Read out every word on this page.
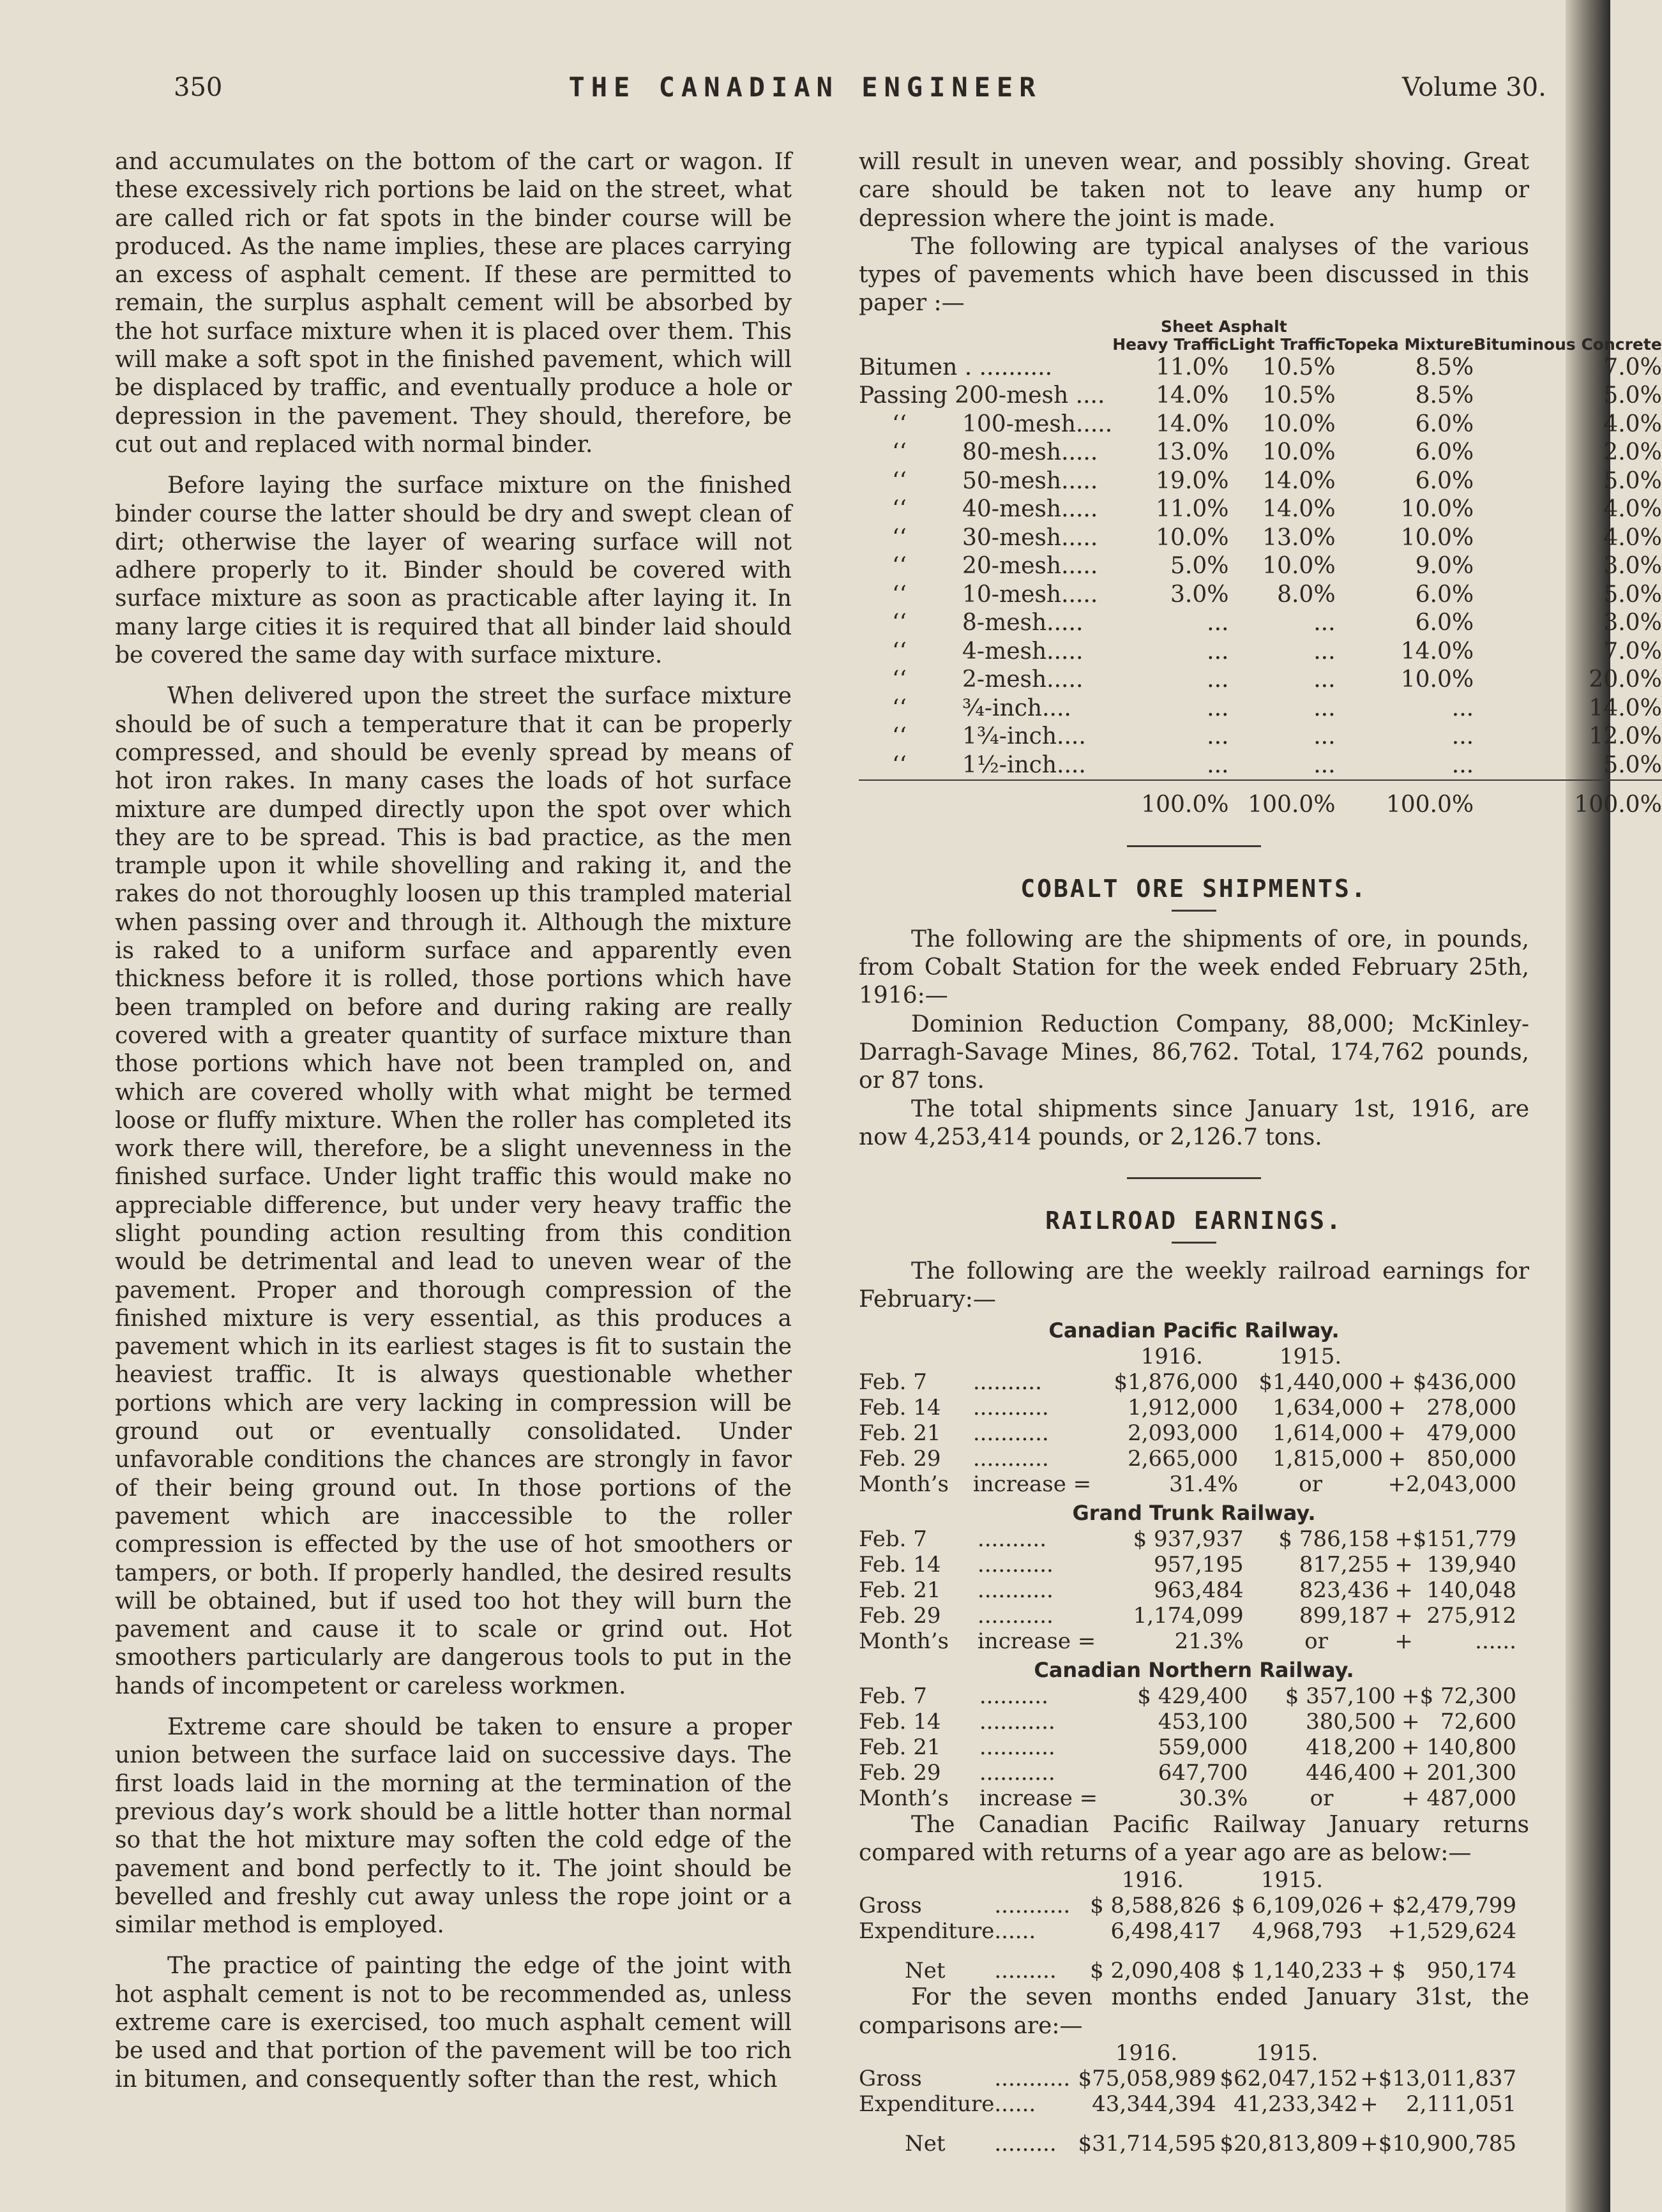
350	THE CANADIAN ENGINEER	Volume 30.

and accumulates on the bottom of the cart or wagon. If these excessively rich portions be laid on the street, what are called rich or fat spots in the binder course will be produced. As the name implies, these are places carrying an excess of asphalt cement. If these are permitted to remain, the surplus asphalt cement will be absorbed by the hot surface mixture when it is placed over them. This will make a soft spot in the finished pavement, which will be displaced by traffic, and eventually produce a hole or depression in the pavement. They should, therefore, be cut out and replaced with normal binder.

Before laying the surface mixture on the finished binder course the latter should be dry and swept clean of dirt; otherwise the layer of wearing surface will not adhere properly to it. Binder should be covered with surface mixture as soon as practicable after laying it. In many large cities it is required that all binder laid should be covered the same day with surface mixture.

When delivered upon the street the surface mixture should be of such a temperature that it can be properly compressed, and should be evenly spread by means of hot iron rakes. In many cases the loads of hot surface mixture are dumped directly upon the spot over which they are to be spread. This is bad practice, as the men trample upon it while shovelling and raking it, and the rakes do not thoroughly loosen up this trampled material when passing over and through it. Although the mixture is raked to a uniform surface and apparently even thickness before it is rolled, those portions which have been trampled on before and during raking are really covered with a greater quantity of surface mixture than those portions which have not been trampled on, and which are covered wholly with what might be termed loose or fluffy mixture. When the roller has completed its work there will, therefore, be a slight unevenness in the finished surface. Under light traffic this would make no appreciable difference, but under very heavy traffic the slight pounding action resulting from this condition would be detrimental and lead to uneven wear of the pavement. Proper and thorough compression of the finished mixture is very essential, as this produces a pavement which in its earliest stages is fit to sustain the heaviest traffic. It is always questionable whether portions which are very lacking in compression will be ground out or eventually consolidated. Under unfavorable conditions the chances are strongly in favor of their being ground out. In those portions of the pavement which are inaccessible to the roller compression is effected by the use of hot smoothers or tampers, or both. If properly handled, the desired results will be obtained, but if used too hot they will burn the pavement and cause it to scale or grind out. Hot smoothers particularly are dangerous tools to put in the hands of incompetent or careless workmen.

Extreme care should be taken to ensure a proper union between the surface laid on successive days. The first loads laid in the morning at the termination of the previous day’s work should be a little hotter than normal so that the hot mixture may soften the cold edge of the pavement and bond perfectly to it. The joint should be bevelled and freshly cut away unless the rope joint or a similar method is employed.

The practice of painting the edge of the joint with hot asphalt cement is not to be recommended as, unless extreme care is exercised, too much asphalt cement will be used and that portion of the pavement will be too rich in bitumen, and consequently softer than the rest, which

will result in uneven wear, and possibly shoving. Great care should be taken not to leave any hump or depression where the joint is made.

The following are typical analyses of the various types of pavements which have been discussed in this paper :—

	Sheet Asphalt			
	Heavy Traffic	Light Traffic	Topeka Mixture	Bituminous Concrete
Bitumen . ..........	11.0%	10.5%	8.5%	7.0%
Passing 200-mesh ....	14.0%	10.5%	8.5%	5.0%
‘‘ 100-mesh.....	14.0%	10.0%	6.0%	4.0%
‘‘ 80-mesh.....	13.0%	10.0%	6.0%	2.0%
‘‘ 50-mesh.....	19.0%	14.0%	6.0%	5.0%
‘‘ 40-mesh.....	11.0%	14.0%	10.0%	4.0%
‘‘ 30-mesh.....	10.0%	13.0%	10.0%	4.0%
‘‘ 20-mesh.....	5.0%	10.0%	9.0%	3.0%
‘‘ 10-mesh.....	3.0%	8.0%	6.0%	5.0%
‘‘ 8-mesh.....	...	...	6.0%	3.0%
‘‘ 4-mesh.....	...	...	14.0%	7.0%
‘‘ 2-mesh.....	...	...	10.0%	20.0%
‘‘ ¾-inch....	...	...	...	14.0%
‘‘ 1¾-inch....	...	...	...	12.0%
‘‘ 1½-inch....	...	...	...	5.0%
	100.0%	100.0%	100.0%	100.0%
COBALT ORE SHIPMENTS.

The following are the shipments of ore, in pounds, from Cobalt Station for the week ended February 25th, 1916:—

Dominion Reduction Company, 88,000; McKinley-Darragh-Savage Mines, 86,762. Total, 174,762 pounds, or 87 tons.

The total shipments since January 1st, 1916, are now 4,253,414 pounds, or 2,126.7 tons.

RAILROAD EARNINGS.

The following are the weekly railroad earnings for February:—

Canadian Pacific Railway.
		1916.	1915.		
Feb. 7	..........	$1,876,000	$1,440,000	+	$436,000
Feb. 14	...........	1,912,000	1,634,000	+	278,000
Feb. 21	...........	2,093,000	1,614,000	+	479,000
Feb. 29	...........	2,665,000	1,815,000	+	850,000
Month’s	increase =	31.4%	or	+	2,043,000
Grand Trunk Railway.
Feb. 7	..........	$ 937,937	$ 786,158	+	$151,779
Feb. 14	...........	957,195	817,255	+	139,940
Feb. 21	...........	963,484	823,436	+	140,048
Feb. 29	...........	1,174,099	899,187	+	275,912
Month’s	increase =	21.3%	or	+	......
Canadian Northern Railway.
Feb. 7	..........	$ 429,400	$ 357,100	+	$ 72,300
Feb. 14	...........	453,100	380,500	+	72,600
Feb. 21	...........	559,000	418,200	+	140,800
Feb. 29	...........	647,700	446,400	+	201,300
Month’s	increase =	30.3%	or	+	487,000

The Canadian Pacific Railway January returns compared with returns of a year ago are as below:—

		1916.	1915.		
Gross	...........	$ 8,588,826	$ 6,109,026	+ $	2,479,799
Expenditure	......	6,498,417	4,968,793	+	1,529,624

Net	.........	$ 2,090,408	$ 1,140,233	+ $	950,174

For the seven months ended January 31st, the comparisons are:—

		1916.	1915.		
Gross	...........	$75,058,989	$62,047,152	+	$13,011,837
Expenditure	......	43,344,394	41,233,342	+	2,111,051

Net	.........	$31,714,595	$20,813,809	+	$10,900,785
